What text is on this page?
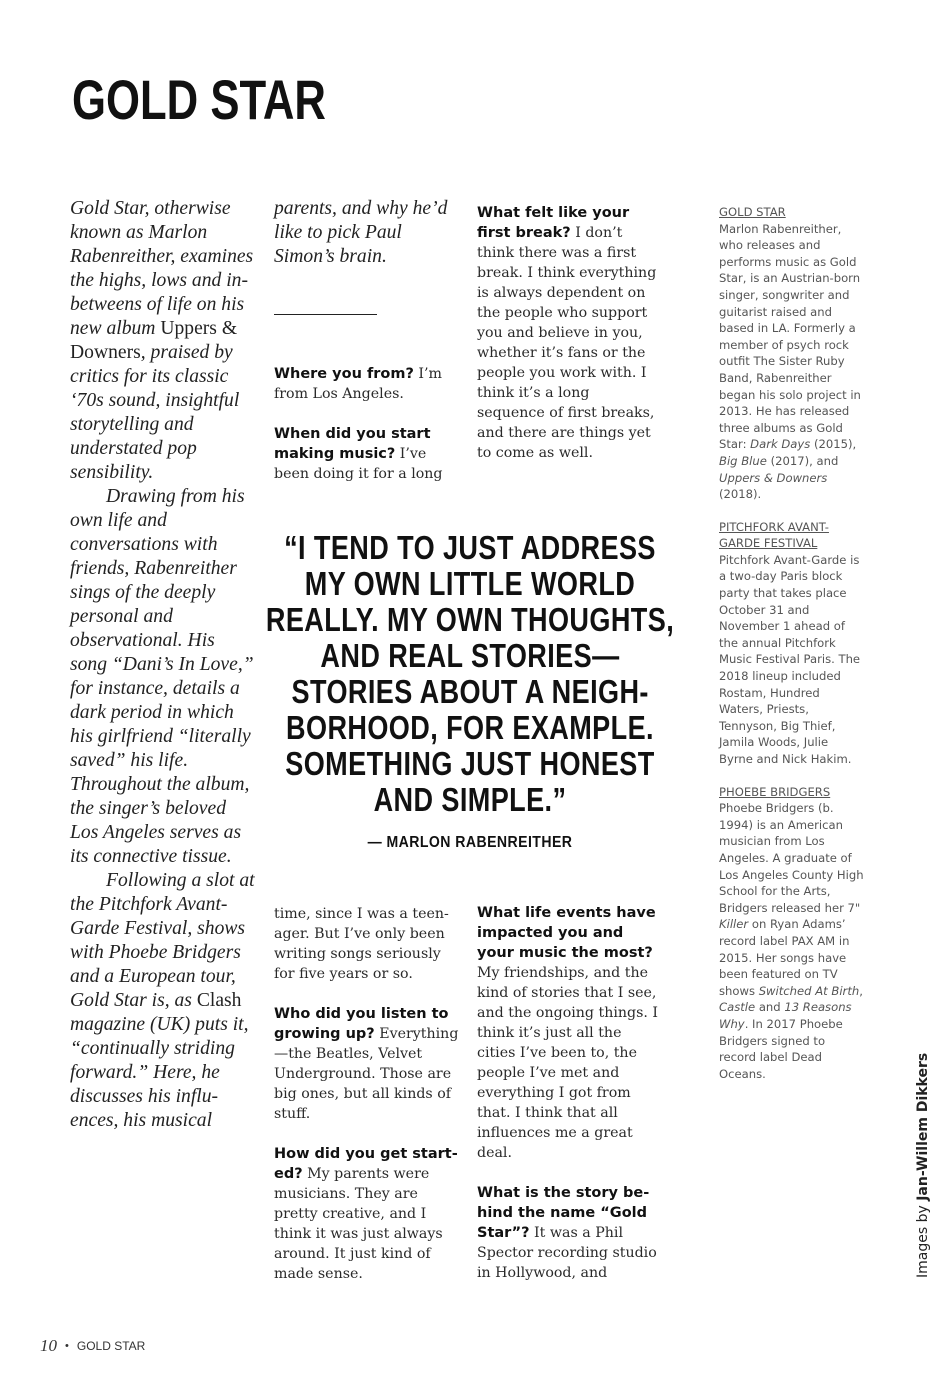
GOLD STAR

Gold Star, otherwise known as Marlon Rabenreither, examines the highs, lows and in-betweens of life on his new album Uppers & Downers, praised by critics for its classic ‘70s sound, insightful storytelling and understated pop sensibility.

Drawing from his own life and conversations with friends, Rabenreither sings of the deeply personal and observational. His song “Dani’s In Love,” for instance, details a dark period in which his girlfriend “literally saved” his life. Throughout the album, the singer’s beloved Los Angeles serves as its connective tissue.

Following a slot at the Pitchfork Avant-Garde Festival, shows with Phoebe Bridgers and a European tour, Gold Star is, as Clash magazine (UK) puts it, “continually striding forward.” Here, he discusses his influences, his musical

parents, and why he’d like to pick Paul Simon’s brain.

Where you from? I’m from Los Angeles.

When did you start making music? I’ve been doing it for a long

What felt like your first break? I don’t think there was a first break. I think everything is always dependent on the people who support you and believe in you, whether it’s fans or the people you work with. I think it’s a long sequence of first breaks, and there are things yet to come as well.

“I TEND TO JUST ADDRESS MY OWN LITTLE WORLD REALLY. MY OWN THOUGHTS, AND REAL STORIES— STORIES ABOUT A NEIGHBORHOOD, FOR EXAMPLE. SOMETHING JUST HONEST AND SIMPLE.”
— MARLON RABENREITHER

time, since I was a teenager. But I’ve only been writing songs seriously for five years or so.

Who did you listen to growing up? Everything—the Beatles, Velvet Underground. Those are big ones, but all kinds of stuff.

How did you get started? My parents were musicians. They are pretty creative, and I think it was just always around. It just kind of made sense.

What life events have impacted you and your music the most? My friendships, and the kind of stories that I see, and the ongoing things. I think it’s just all the cities I’ve been to, the people I’ve met and everything I got from that. I think that all influences me a great deal.

What is the story behind the name “Gold Star”? It was a Phil Spector recording studio in Hollywood, and

GOLD STAR
Marlon Rabenreither, who releases and performs music as Gold Star, is an Austrian-born singer, songwriter and guitarist raised and based in LA. Formerly a member of psych rock outfit The Sister Ruby Band, Rabenreither began his solo project in 2013. He has released three albums as Gold Star: Dark Days (2015), Big Blue (2017), and Uppers & Downers (2018).
PITCHFORK AVANT-GARDE FESTIVAL
Pitchfork Avant-Garde is a two-day Paris block party that takes place October 31 and November 1 ahead of the annual Pitchfork Music Festival Paris. The 2018 lineup included Rostam, Hundred Waters, Priests, Tennyson, Big Thief, Jamila Woods, Julie Byrne and Nick Hakim.
PHOEBE BRIDGERS
Phoebe Bridgers (b. 1994) is an American musician from Los Angeles. A graduate of Los Angeles County High School for the Arts, Bridgers released her 7" Killer on Ryan Adams’ record label PAX AM in 2015. Her songs have been featured on TV shows Switched At Birth, Castle and 13 Reasons Why. In 2017 Phoebe Bridgers signed to record label Dead Oceans.
Images by Jan-Willem Dikkers
10 • GOLD STAR
